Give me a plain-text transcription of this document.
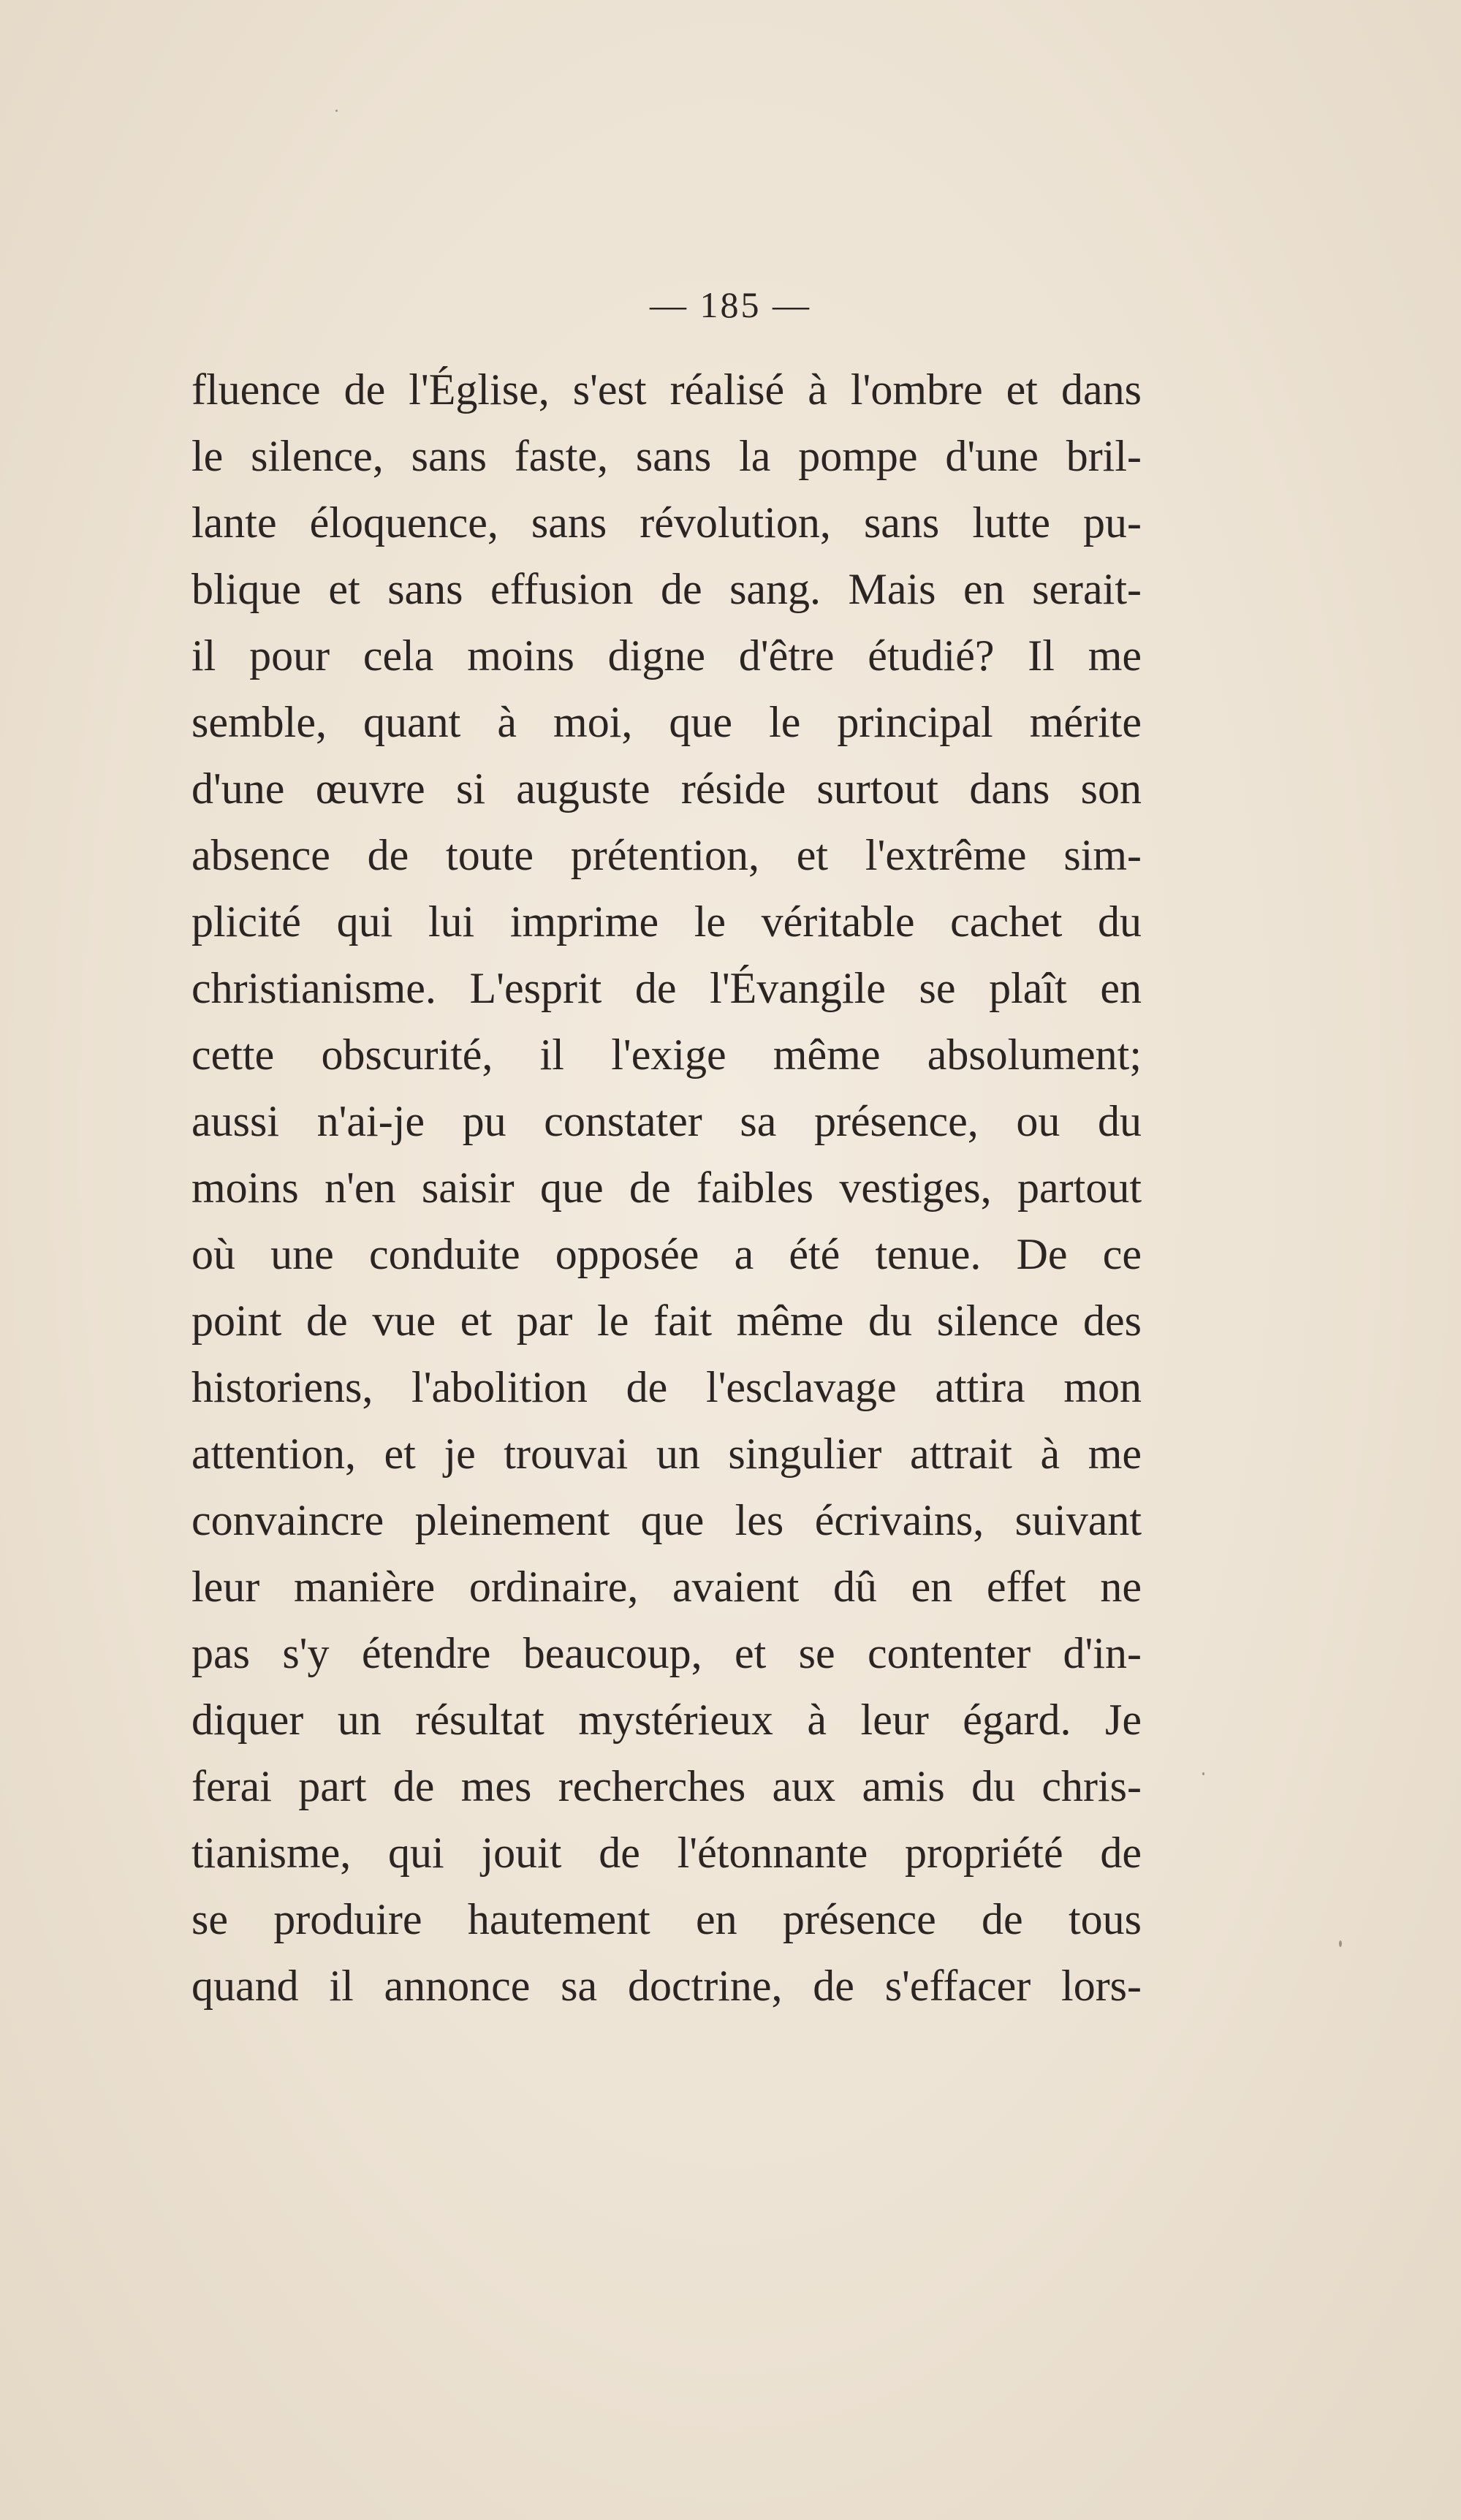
— 185 —
fluence de l'Église, s'est réalisé à l'ombre et dans
le silence, sans faste, sans la pompe d'une bril-
lante éloquence, sans révolution, sans lutte pu-
blique et sans effusion de sang. Mais en serait-
il pour cela moins digne d'être étudié? Il me
semble, quant à moi, que le principal mérite
d'une œuvre si auguste réside surtout dans son
absence de toute prétention, et l'extrême sim-
plicité qui lui imprime le véritable cachet du
christianisme. L'esprit de l'Évangile se plaît en
cette obscurité, il l'exige même absolument;
aussi n'ai-je pu constater sa présence, ou du
moins n'en saisir que de faibles vestiges, partout
où une conduite opposée a été tenue. De ce
point de vue et par le fait même du silence des
historiens, l'abolition de l'esclavage attira mon
attention, et je trouvai un singulier attrait à me
convaincre pleinement que les écrivains, suivant
leur manière ordinaire, avaient dû en effet ne
pas s'y étendre beaucoup, et se contenter d'in-
diquer un résultat mystérieux à leur égard. Je
ferai part de mes recherches aux amis du chris-
tianisme, qui jouit de l'étonnante propriété de
se produire hautement en présence de tous
quand il annonce sa doctrine, de s'effacer lors-
